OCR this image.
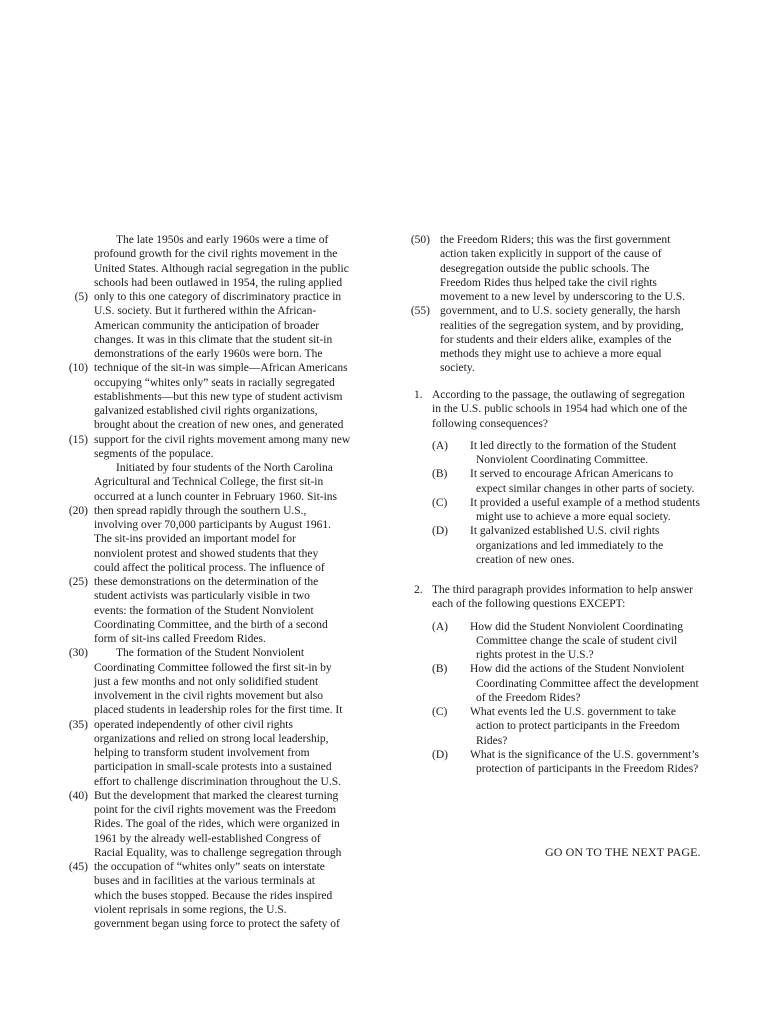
The late 1950s and early 1960s were a time of
profound growth for the civil rights movement in the
United States. Although racial segregation in the public
schools had been outlawed in 1954, the ruling applied
(5) only to this one category of discriminatory practice in
U.S. society. But it furthered within the African-
American community the anticipation of broader
changes. It was in this climate that the student sit-in
demonstrations of the early 1960s were born. The
(10) technique of the sit-in was simple—African Americans
occupying “whites only” seats in racially segregated
establishments—but this new type of student activism
galvanized established civil rights organizations,
brought about the creation of new ones, and generated
(15) support for the civil rights movement among many new
segments of the populace.
Initiated by four students of the North Carolina
Agricultural and Technical College, the first sit-in
occurred at a lunch counter in February 1960. Sit-ins
(20) then spread rapidly through the southern U.S.,
involving over 70,000 participants by August 1961.
The sit-ins provided an important model for
nonviolent protest and showed students that they
could affect the political process. The influence of
(25) these demonstrations on the determination of the
student activists was particularly visible in two
events: the formation of the Student Nonviolent
Coordinating Committee, and the birth of a second
form of sit-ins called Freedom Rides.
(30) The formation of the Student Nonviolent
Coordinating Committee followed the first sit-in by
just a few months and not only solidified student
involvement in the civil rights movement but also
placed students in leadership roles for the first time. It
(35) operated independently of other civil rights
organizations and relied on strong local leadership,
helping to transform student involvement from
participation in small-scale protests into a sustained
effort to challenge discrimination throughout the U.S.
(40) But the development that marked the clearest turning
point for the civil rights movement was the Freedom
Rides. The goal of the rides, which were organized in
1961 by the already well-established Congress of
Racial Equality, was to challenge segregation through
(45) the occupation of “whites only” seats on interstate
buses and in facilities at the various terminals at
which the buses stopped. Because the rides inspired
violent reprisals in some regions, the U.S.
government began using force to protect the safety of
(50) the Freedom Riders; this was the first government
action taken explicitly in support of the cause of
desegregation outside the public schools. The
Freedom Rides thus helped take the civil rights
movement to a new level by underscoring to the U.S.
(55) government, and to U.S. society generally, the harsh
realities of the segregation system, and by providing,
for students and their elders alike, examples of the
methods they might use to achieve a more equal
society.
1. According to the passage, the outlawing of segregation
in the U.S. public schools in 1954 had which one of the
following consequences?
(A) It led directly to the formation of the Student
Nonviolent Coordinating Committee.
(B) It served to encourage African Americans to
expect similar changes in other parts of society.
(C) It provided a useful example of a method students
might use to achieve a more equal society.
(D) It galvanized established U.S. civil rights
organizations and led immediately to the
creation of new ones.
2. The third paragraph provides information to help answer
each of the following questions EXCEPT:
(A) How did the Student Nonviolent Coordinating
Committee change the scale of student civil
rights protest in the U.S.?
(B) How did the actions of the Student Nonviolent
Coordinating Committee affect the development
of the Freedom Rides?
(C) What events led the U.S. government to take
action to protect participants in the Freedom
Rides?
(D) What is the significance of the U.S. government’s
protection of participants in the Freedom Rides?
GO ON TO THE NEXT PAGE.
